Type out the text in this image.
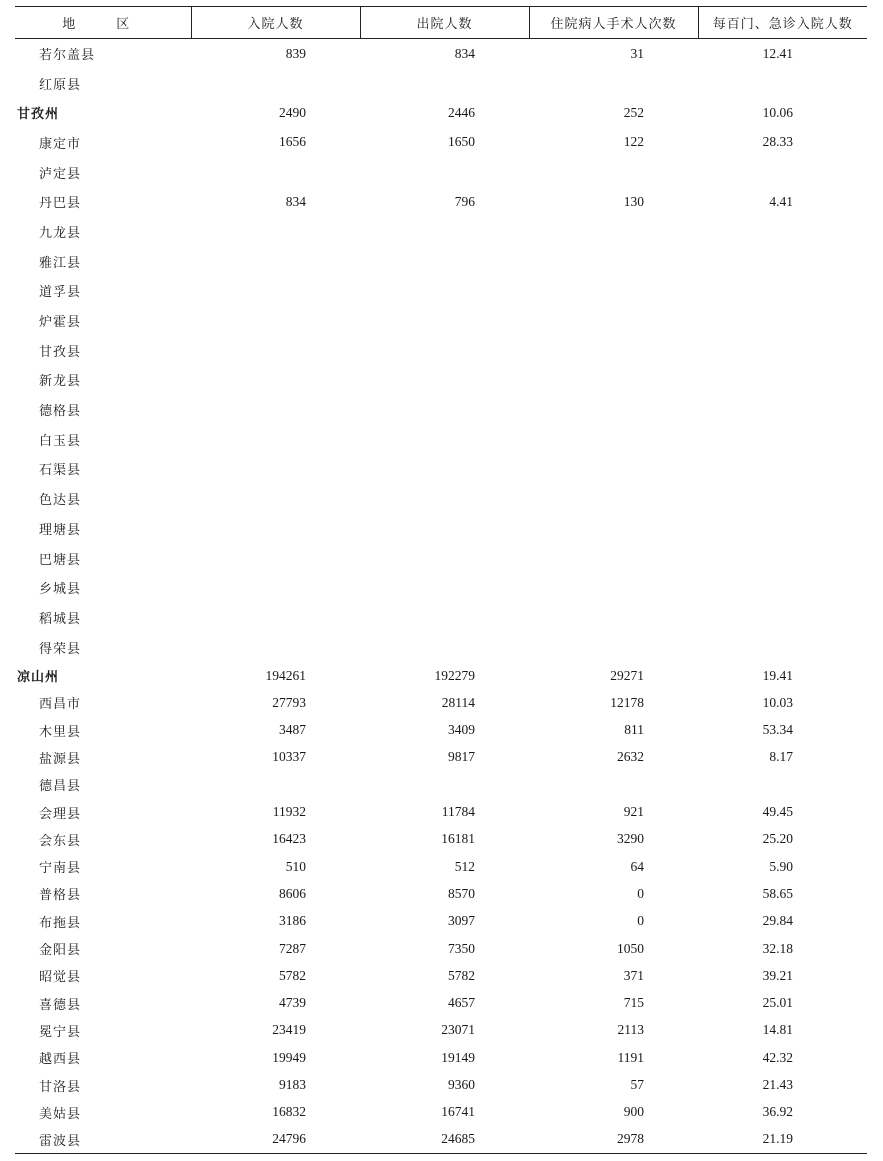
地　区	入院人数	出院人数	住院病人手术人次数	每百门、急诊入院人数
若尔盖县	839	834	31	12.41
红原县				
甘孜州	2490	2446	252	10.06
康定市	1656	1650	122	28.33
泸定县				
丹巴县	834	796	130	4.41
九龙县				
雅江县				
道孚县				
炉霍县				
甘孜县				
新龙县				
德格县				
白玉县				
石渠县				
色达县				
理塘县				
巴塘县				
乡城县				
稻城县				
得荣县				
凉山州	194261	192279	29271	19.41
西昌市	27793	28114	12178	10.03
木里县	3487	3409	811	53.34
盐源县	10337	9817	2632	8.17
德昌县				
会理县	11932	11784	921	49.45
会东县	16423	16181	3290	25.20
宁南县	510	512	64	5.90
普格县	8606	8570	0	58.65
布拖县	3186	3097	0	29.84
金阳县	7287	7350	1050	32.18
昭觉县	5782	5782	371	39.21
喜德县	4739	4657	715	25.01
冕宁县	23419	23071	2113	14.81
越西县	19949	19149	1191	42.32
甘洛县	9183	9360	57	21.43
美姑县	16832	16741	900	36.92
雷波县	24796	24685	2978	21.19
